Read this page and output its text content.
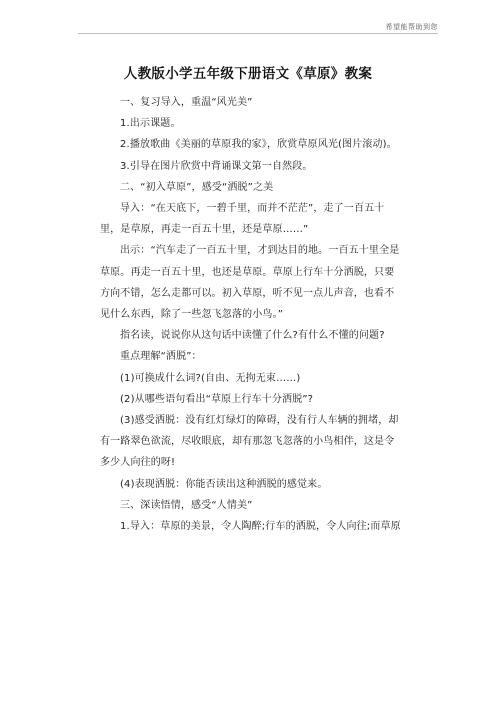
希望能帮助到您
人教版小学五年级下册语文《草原》教案

一、复习导入，重温“风光美”

1.出示课题。

2.播放歌曲《美丽的草原我的家》，欣赏草原风光(图片滚动)。

3.引导在图片欣赏中背诵课文第一自然段。

二、“初入草原”，感受“洒脱”之美

导入：“在天底下，一碧千里，而并不茫茫”，走了一百五十里，是草原，再走一百五十里，还是草原……”

出示：“汽车走了一百五十里，才到达目的地。一百五十里全是草原。再走一百五十里，也还是草原。草原上行车十分洒脱，只要方向不错，怎么走都可以。初入草原，听不见一点儿声音，也看不见什么东西，除了一些忽飞忽落的小鸟。”

指名读，说说你从这句话中读懂了什么?有什么不懂的问题?

重点理解“洒脱”：

(1)可换成什么词?(自由、无拘无束……)

(2)从哪些语句看出“草原上行车十分洒脱”?

(3)感受洒脱：没有红灯绿灯的障碍，没有行人车辆的拥堵，却有一路翠色欲流，尽收眼底，却有那忽飞忽落的小鸟相伴，这是令多少人向往的呀!

(4)表现洒脱：你能否读出这种洒脱的感觉来。

三、深读悟情，感受“人情美”

1.导入：草原的美景，令人陶醉;行车的洒脱，令人向往;而草原
